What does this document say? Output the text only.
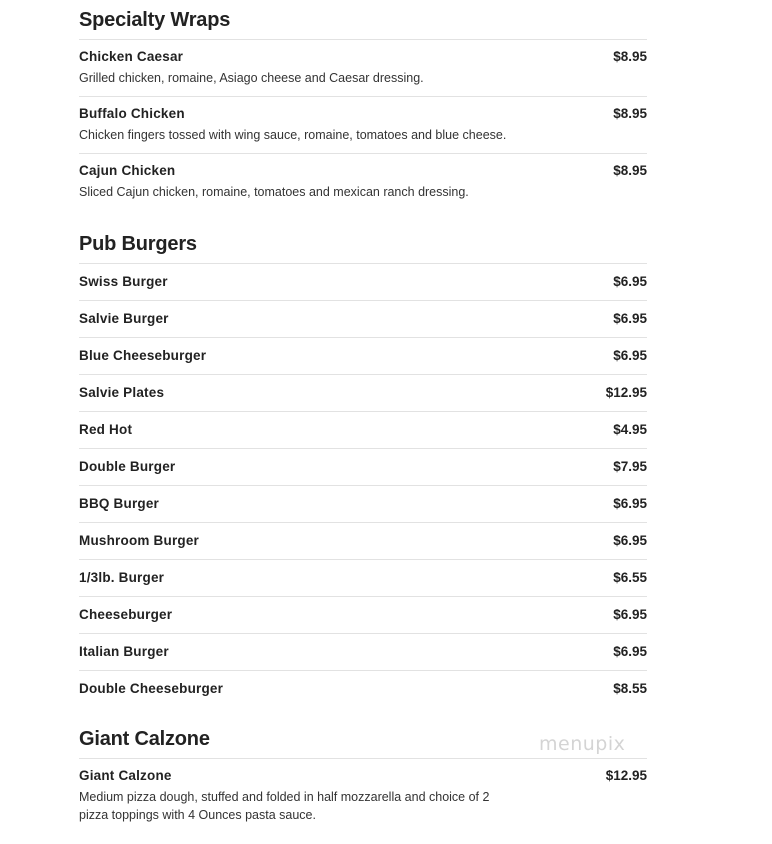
Specialty Wraps
Chicken Caesar	$8.95
Grilled chicken, romaine, Asiago cheese and Caesar dressing.
Buffalo Chicken	$8.95
Chicken fingers tossed with wing sauce, romaine, tomatoes and blue cheese.
Cajun Chicken	$8.95
Sliced Cajun chicken, romaine, tomatoes and mexican ranch dressing.
Pub Burgers
Swiss Burger	$6.95
Salvie Burger	$6.95
Blue Cheeseburger	$6.95
Salvie Plates	$12.95
Red Hot	$4.95
Double Burger	$7.95
BBQ Burger	$6.95
Mushroom Burger	$6.95
1/3lb. Burger	$6.55
Cheeseburger	$6.95
Italian Burger	$6.95
Double Cheeseburger	$8.55
Giant Calzone
Giant Calzone	$12.95
Medium pizza dough, stuffed and folded in half mozzarella and choice of 2 pizza toppings with 4 Ounces pasta sauce.
menupix
